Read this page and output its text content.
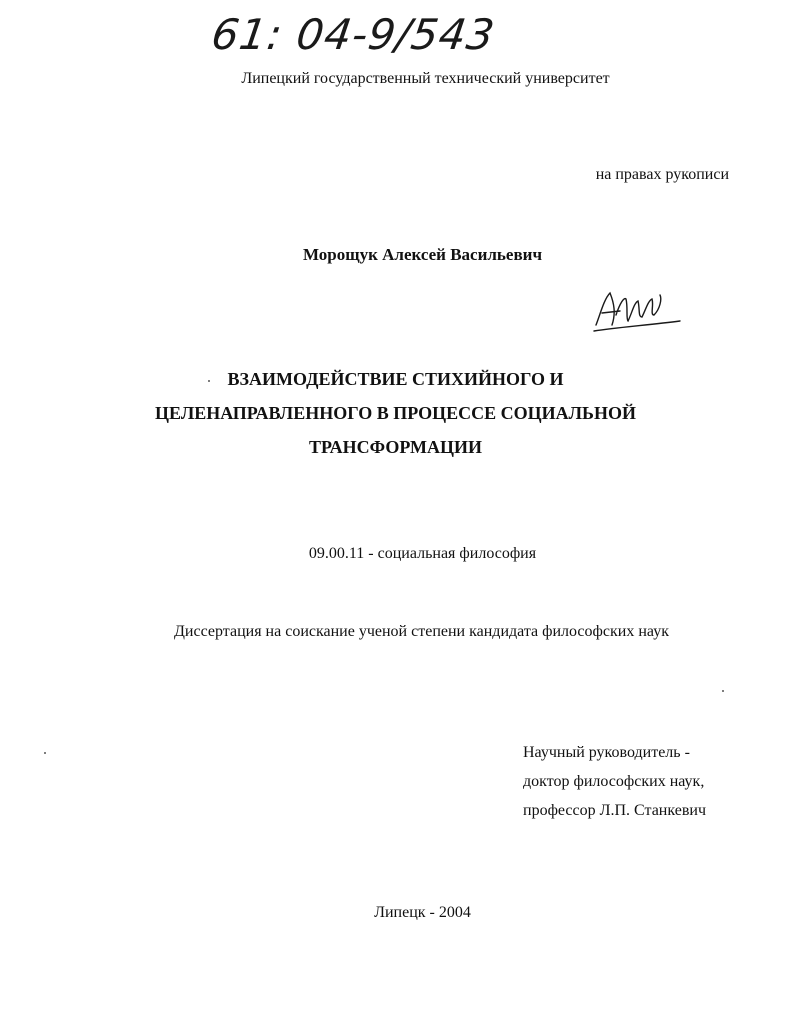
61: 04-9/543
Липецкий государственный технический университет
на правах рукописи
Морощук Алексей Васильевич
ВЗАИМОДЕЙСТВИЕ СТИХИЙНОГО И
ЦЕЛЕНАПРАВЛЕННОГО В ПРОЦЕССЕ СОЦИАЛЬНОЙ
ТРАНСФОРМАЦИИ
09.00.11 - социальная философия
Диссертация на соискание ученой степени кандидата философских наук
Научный руководитель -
доктор философских наук,
профессор Л.П. Станкевич
Липецк - 2004
